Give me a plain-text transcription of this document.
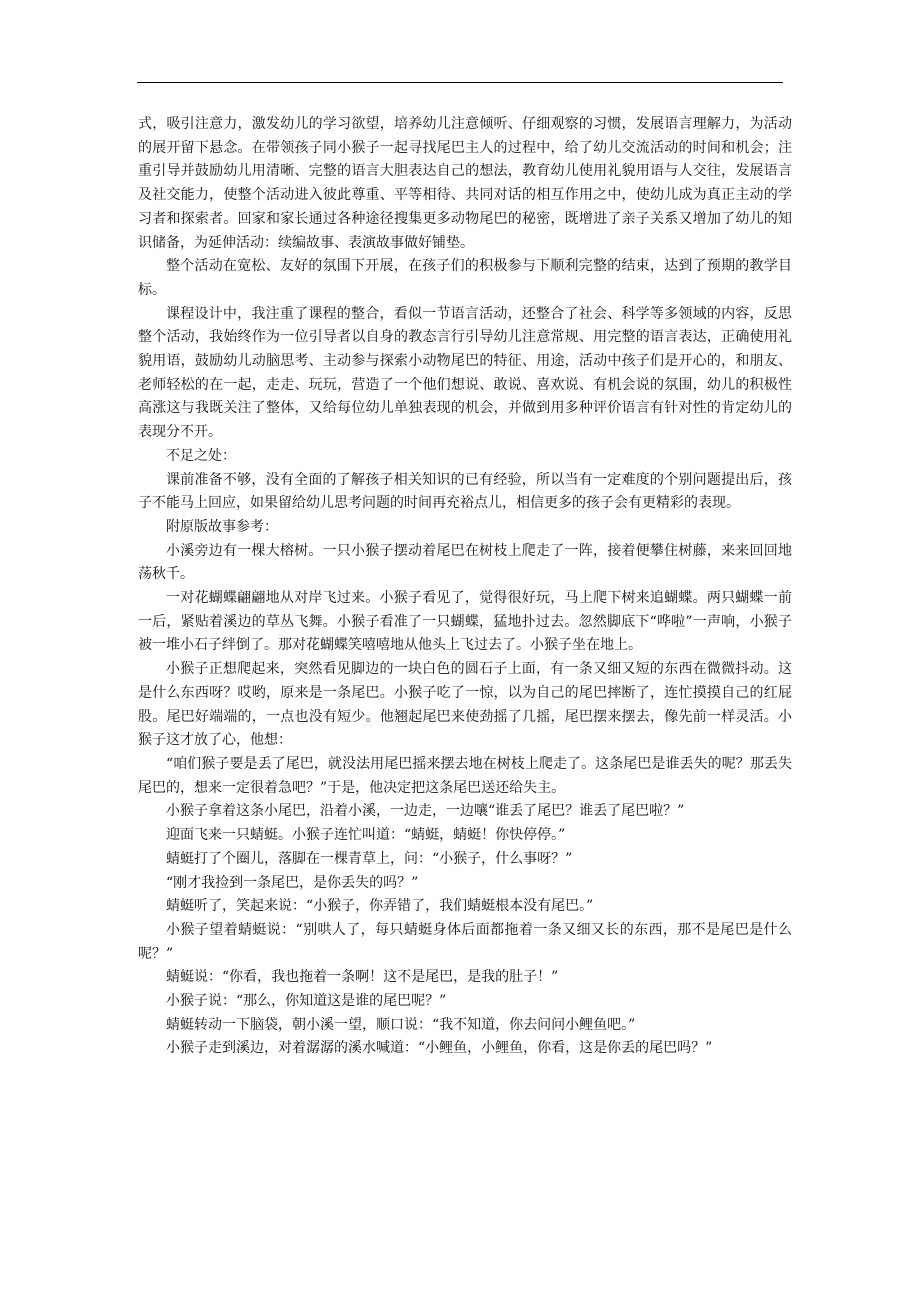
式，吸引注意力，激发幼儿的学习欲望，培养幼儿注意倾听、仔细观察的习惯，发展语言理解力，为活动的展开留下悬念。在带领孩子同小猴子一起寻找尾巴主人的过程中，给了幼儿交流活动的时间和机会；注重引导并鼓励幼儿用清晰、完整的语言大胆表达自己的想法，教育幼儿使用礼貌用语与人交往，发展语言及社交能力，使整个活动进入彼此尊重、平等相待、共同对话的相互作用之中，使幼儿成为真正主动的学习者和探索者。回家和家长通过各种途径搜集更多动物尾巴的秘密，既增进了亲子关系又增加了幼儿的知识储备，为延伸活动：续编故事、表演故事做好铺垫。

整个活动在宽松、友好的氛围下开展，在孩子们的积极参与下顺利完整的结束，达到了预期的教学目标。

课程设计中，我注重了课程的整合，看似一节语言活动，还整合了社会、科学等多领域的内容，反思整个活动，我始终作为一位引导者以自身的教态言行引导幼儿注意常规、用完整的语言表达，正确使用礼貌用语，鼓励幼儿动脑思考、主动参与探索小动物尾巴的特征、用途，活动中孩子们是开心的，和朋友、老师轻松的在一起，走走、玩玩，营造了一个他们想说、敢说、喜欢说、有机会说的氛围，幼儿的积极性高涨这与我既关注了整体，又给每位幼儿单独表现的机会，并做到用多种评价语言有针对性的肯定幼儿的表现分不开。

不足之处：

课前准备不够，没有全面的了解孩子相关知识的已有经验，所以当有一定难度的个别问题提出后，孩子不能马上回应，如果留给幼儿思考问题的时间再充裕点儿，相信更多的孩子会有更精彩的表现。

附原版故事参考：

小溪旁边有一棵大榕树。一只小猴子摆动着尾巴在树枝上爬走了一阵，接着便攀住树藤，来来回回地荡秋千。

一对花蝴蝶翩翩地从对岸飞过来。小猴子看见了，觉得很好玩，马上爬下树来追蝴蝶。两只蝴蝶一前一后，紧贴着溪边的草丛飞舞。小猴子看准了一只蝴蝶，猛地扑过去。忽然脚底下“哗啦”一声响，小猴子被一堆小石子绊倒了。那对花蝴蝶笑嘻嘻地从他头上飞过去了。小猴子坐在地上。

小猴子正想爬起来，突然看见脚边的一块白色的圆石子上面，有一条又细又短的东西在微微抖动。这是什么东西呀？哎哟，原来是一条尾巴。小猴子吃了一惊，以为自己的尾巴摔断了，连忙摸摸自己的红屁股。尾巴好端端的，一点也没有短少。他翘起尾巴来使劲摇了几摇，尾巴摆来摆去，像先前一样灵活。小猴子这才放了心，他想：

“咱们猴子要是丢了尾巴，就没法用尾巴摇来摆去地在树枝上爬走了。这条尾巴是谁丢失的呢？那丢失尾巴的，想来一定很着急吧？”于是，他决定把这条尾巴送还给失主。

小猴子拿着这条小尾巴，沿着小溪，一边走，一边嚷“谁丢了尾巴？谁丢了尾巴啦？”

迎面飞来一只蜻蜓。小猴子连忙叫道：“蜻蜓，蜻蜓！你快停停。”

蜻蜓打了个圈儿，落脚在一棵青草上，问：“小猴子，什么事呀？”

“刚才我捡到一条尾巴，是你丢失的吗？”

蜻蜓听了，笑起来说：“小猴子，你弄错了，我们蜻蜓根本没有尾巴。”

小猴子望着蜻蜓说：“别哄人了，每只蜻蜓身体后面都拖着一条又细又长的东西，那不是尾巴是什么呢？”

蜻蜓说：“你看，我也拖着一条啊！这不是尾巴，是我的肚子！”

小猴子说：“那么，你知道这是谁的尾巴呢？”

蜻蜓转动一下脑袋，朝小溪一望，顺口说：“我不知道，你去问问小鲤鱼吧。”

小猴子走到溪边，对着潺潺的溪水喊道：“小鲤鱼，小鲤鱼，你看，这是你丢的尾巴吗？”
